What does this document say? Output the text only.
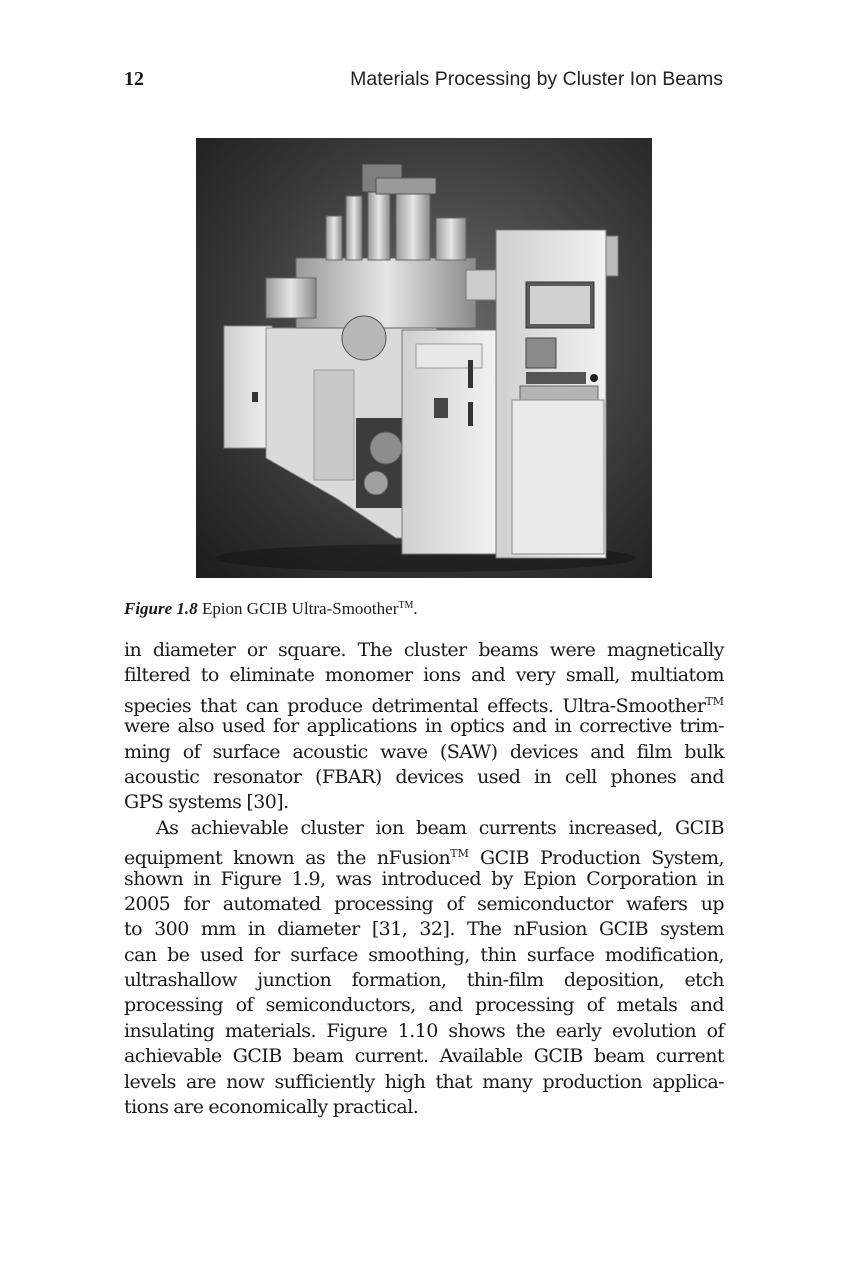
12	Materials Processing by Cluster Ion Beams
Figure 1.8 Epion GCIB Ultra-Smoother™.
in diameter or square. The cluster beams were magnetically
filtered to eliminate monomer ions and very small, multiatom
species that can produce detrimental effects. Ultra-Smoother™
were also used for applications in optics and in corrective trim-
ming of surface acoustic wave (SAW) devices and film bulk
acoustic resonator (FBAR) devices used in cell phones and
GPS systems [30].
As achievable cluster ion beam currents increased, GCIB
equipment known as the nFusion™ GCIB Production System,
shown in Figure 1.9, was introduced by Epion Corporation in
2005 for automated processing of semiconductor wafers up
to 300 mm in diameter [31, 32]. The nFusion GCIB system
can be used for surface smoothing, thin surface modification,
ultrashallow junction formation, thin-film deposition, etch
processing of semiconductors, and processing of metals and
insulating materials. Figure 1.10 shows the early evolution of
achievable GCIB beam current. Available GCIB beam current
levels are now sufficiently high that many production applica-
tions are economically practical.
